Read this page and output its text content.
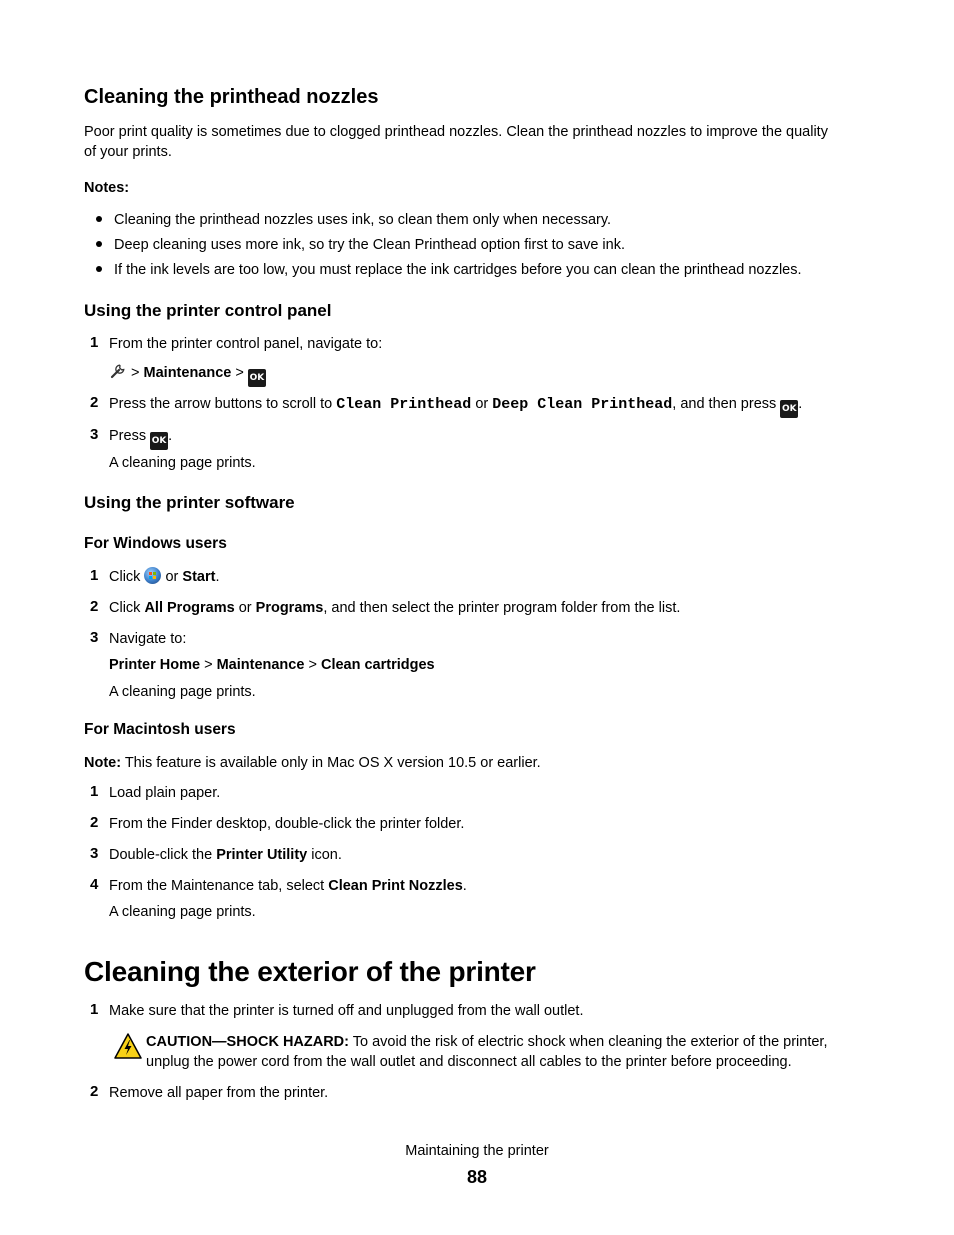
Cleaning the printhead nozzles
Poor print quality is sometimes due to clogged printhead nozzles. Clean the printhead nozzles to improve the quality
of your prints.
Notes:
Cleaning the printhead nozzles uses ink, so clean them only when necessary.
Deep cleaning uses more ink, so try the Clean Printhead option first to save ink.
If the ink levels are too low, you must replace the ink cartridges before you can clean the printhead nozzles.
Using the printer control panel
1 From the printer control panel, navigate to:
> Maintenance > OK
2 Press the arrow buttons to scroll to Clean Printhead or Deep Clean Printhead, and then press OK .
3 Press OK .
A cleaning page prints.
Using the printer software
For Windows users
1 Click
or Start.
2 Click All Programs or Programs, and then select the printer program folder from the list.
3 Navigate to:
Printer Home > Maintenance > Clean cartridges
A cleaning page prints.
For Macintosh users
Note: This feature is available only in Mac OS X version 10.5 or earlier.
1 Load plain paper.
2 From the Finder desktop, double-click the printer folder.
3 Double-click the Printer Utility icon.
4 From the Maintenance tab, select Clean Print Nozzles.
A cleaning page prints.
Cleaning the exterior of the printer
1 Make sure that the printer is turned off and unplugged from the wall outlet.
CAUTION—SHOCK HAZARD: To avoid the risk of electric shock when cleaning the exterior of the printer,
unplug the power cord from the wall outlet and disconnect all cables to the printer before proceeding.
2 Remove all paper from the printer.
Maintaining the printer
88
